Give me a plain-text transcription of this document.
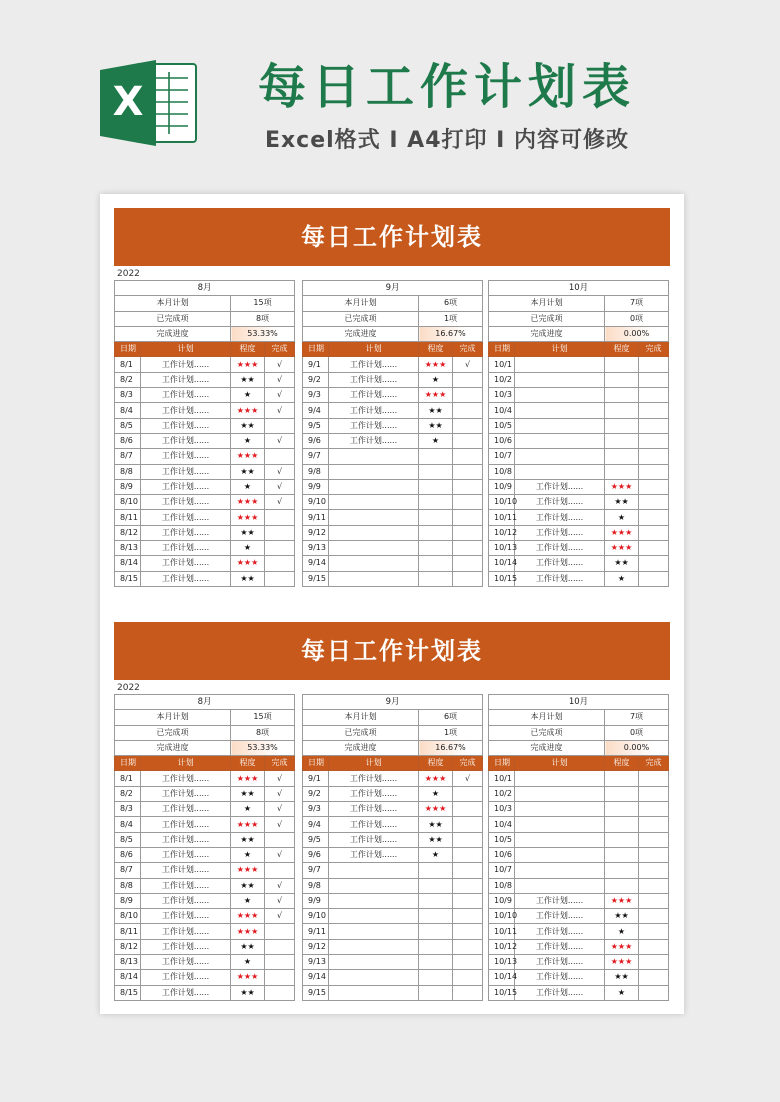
X	每日工作计划表
Excel格式 I A4打印 I 内容可修改
每日工作计划表
2022
8月			
本月计划		15项	
已完成项		8项	
完成进度		53.33%	
日期	计划	程度	完成
8/1	工作计划......	★★★	√
8/2	工作计划......	★★	√
8/3	工作计划......	★	√
8/4	工作计划......	★★★	√
8/5	工作计划......	★★	
8/6	工作计划......	★	√
8/7	工作计划......	★★★	
8/8	工作计划......	★★	√
8/9	工作计划......	★	√
8/10	工作计划......	★★★	√
8/11	工作计划......	★★★	
8/12	工作计划......	★★	
8/13	工作计划......	★	
8/14	工作计划......	★★★	
8/15	工作计划......	★★	
9月			
本月计划		6项	
已完成项		1项	
完成进度		16.67%	
日期	计划	程度	完成
9/1	工作计划......	★★★	√
9/2	工作计划......	★	
9/3	工作计划......	★★★	
9/4	工作计划......	★★	
9/5	工作计划......	★★	
9/6	工作计划......	★	
9/7			
9/8			
9/9			
9/10			
9/11			
9/12			
9/13			
9/14			
9/15			
10月			
本月计划		7项	
已完成项		0项	
完成进度		0.00%	
日期	计划	程度	完成
10/1			
10/2			
10/3			
10/4			
10/5			
10/6			
10/7			
10/8			
10/9	工作计划......	★★★	
10/10	工作计划......	★★	
10/11	工作计划......	★	
10/12	工作计划......	★★★	
10/13	工作计划......	★★★	
10/14	工作计划......	★★	
10/15	工作计划......	★	
每日工作计划表
2022
8月			
本月计划		15项	
已完成项		8项	
完成进度		53.33%	
日期	计划	程度	完成
8/1	工作计划......	★★★	√
8/2	工作计划......	★★	√
8/3	工作计划......	★	√
8/4	工作计划......	★★★	√
8/5	工作计划......	★★	
8/6	工作计划......	★	√
8/7	工作计划......	★★★	
8/8	工作计划......	★★	√
8/9	工作计划......	★	√
8/10	工作计划......	★★★	√
8/11	工作计划......	★★★	
8/12	工作计划......	★★	
8/13	工作计划......	★	
8/14	工作计划......	★★★	
8/15	工作计划......	★★	
9月			
本月计划		6项	
已完成项		1项	
完成进度		16.67%	
日期	计划	程度	完成
9/1	工作计划......	★★★	√
9/2	工作计划......	★	
9/3	工作计划......	★★★	
9/4	工作计划......	★★	
9/5	工作计划......	★★	
9/6	工作计划......	★	
9/7			
9/8			
9/9			
9/10			
9/11			
9/12			
9/13			
9/14			
9/15			
10月			
本月计划		7项	
已完成项		0项	
完成进度		0.00%	
日期	计划	程度	完成
10/1			
10/2			
10/3			
10/4			
10/5			
10/6			
10/7			
10/8			
10/9	工作计划......	★★★	
10/10	工作计划......	★★	
10/11	工作计划......	★	
10/12	工作计划......	★★★	
10/13	工作计划......	★★★	
10/14	工作计划......	★★	
10/15	工作计划......	★	
